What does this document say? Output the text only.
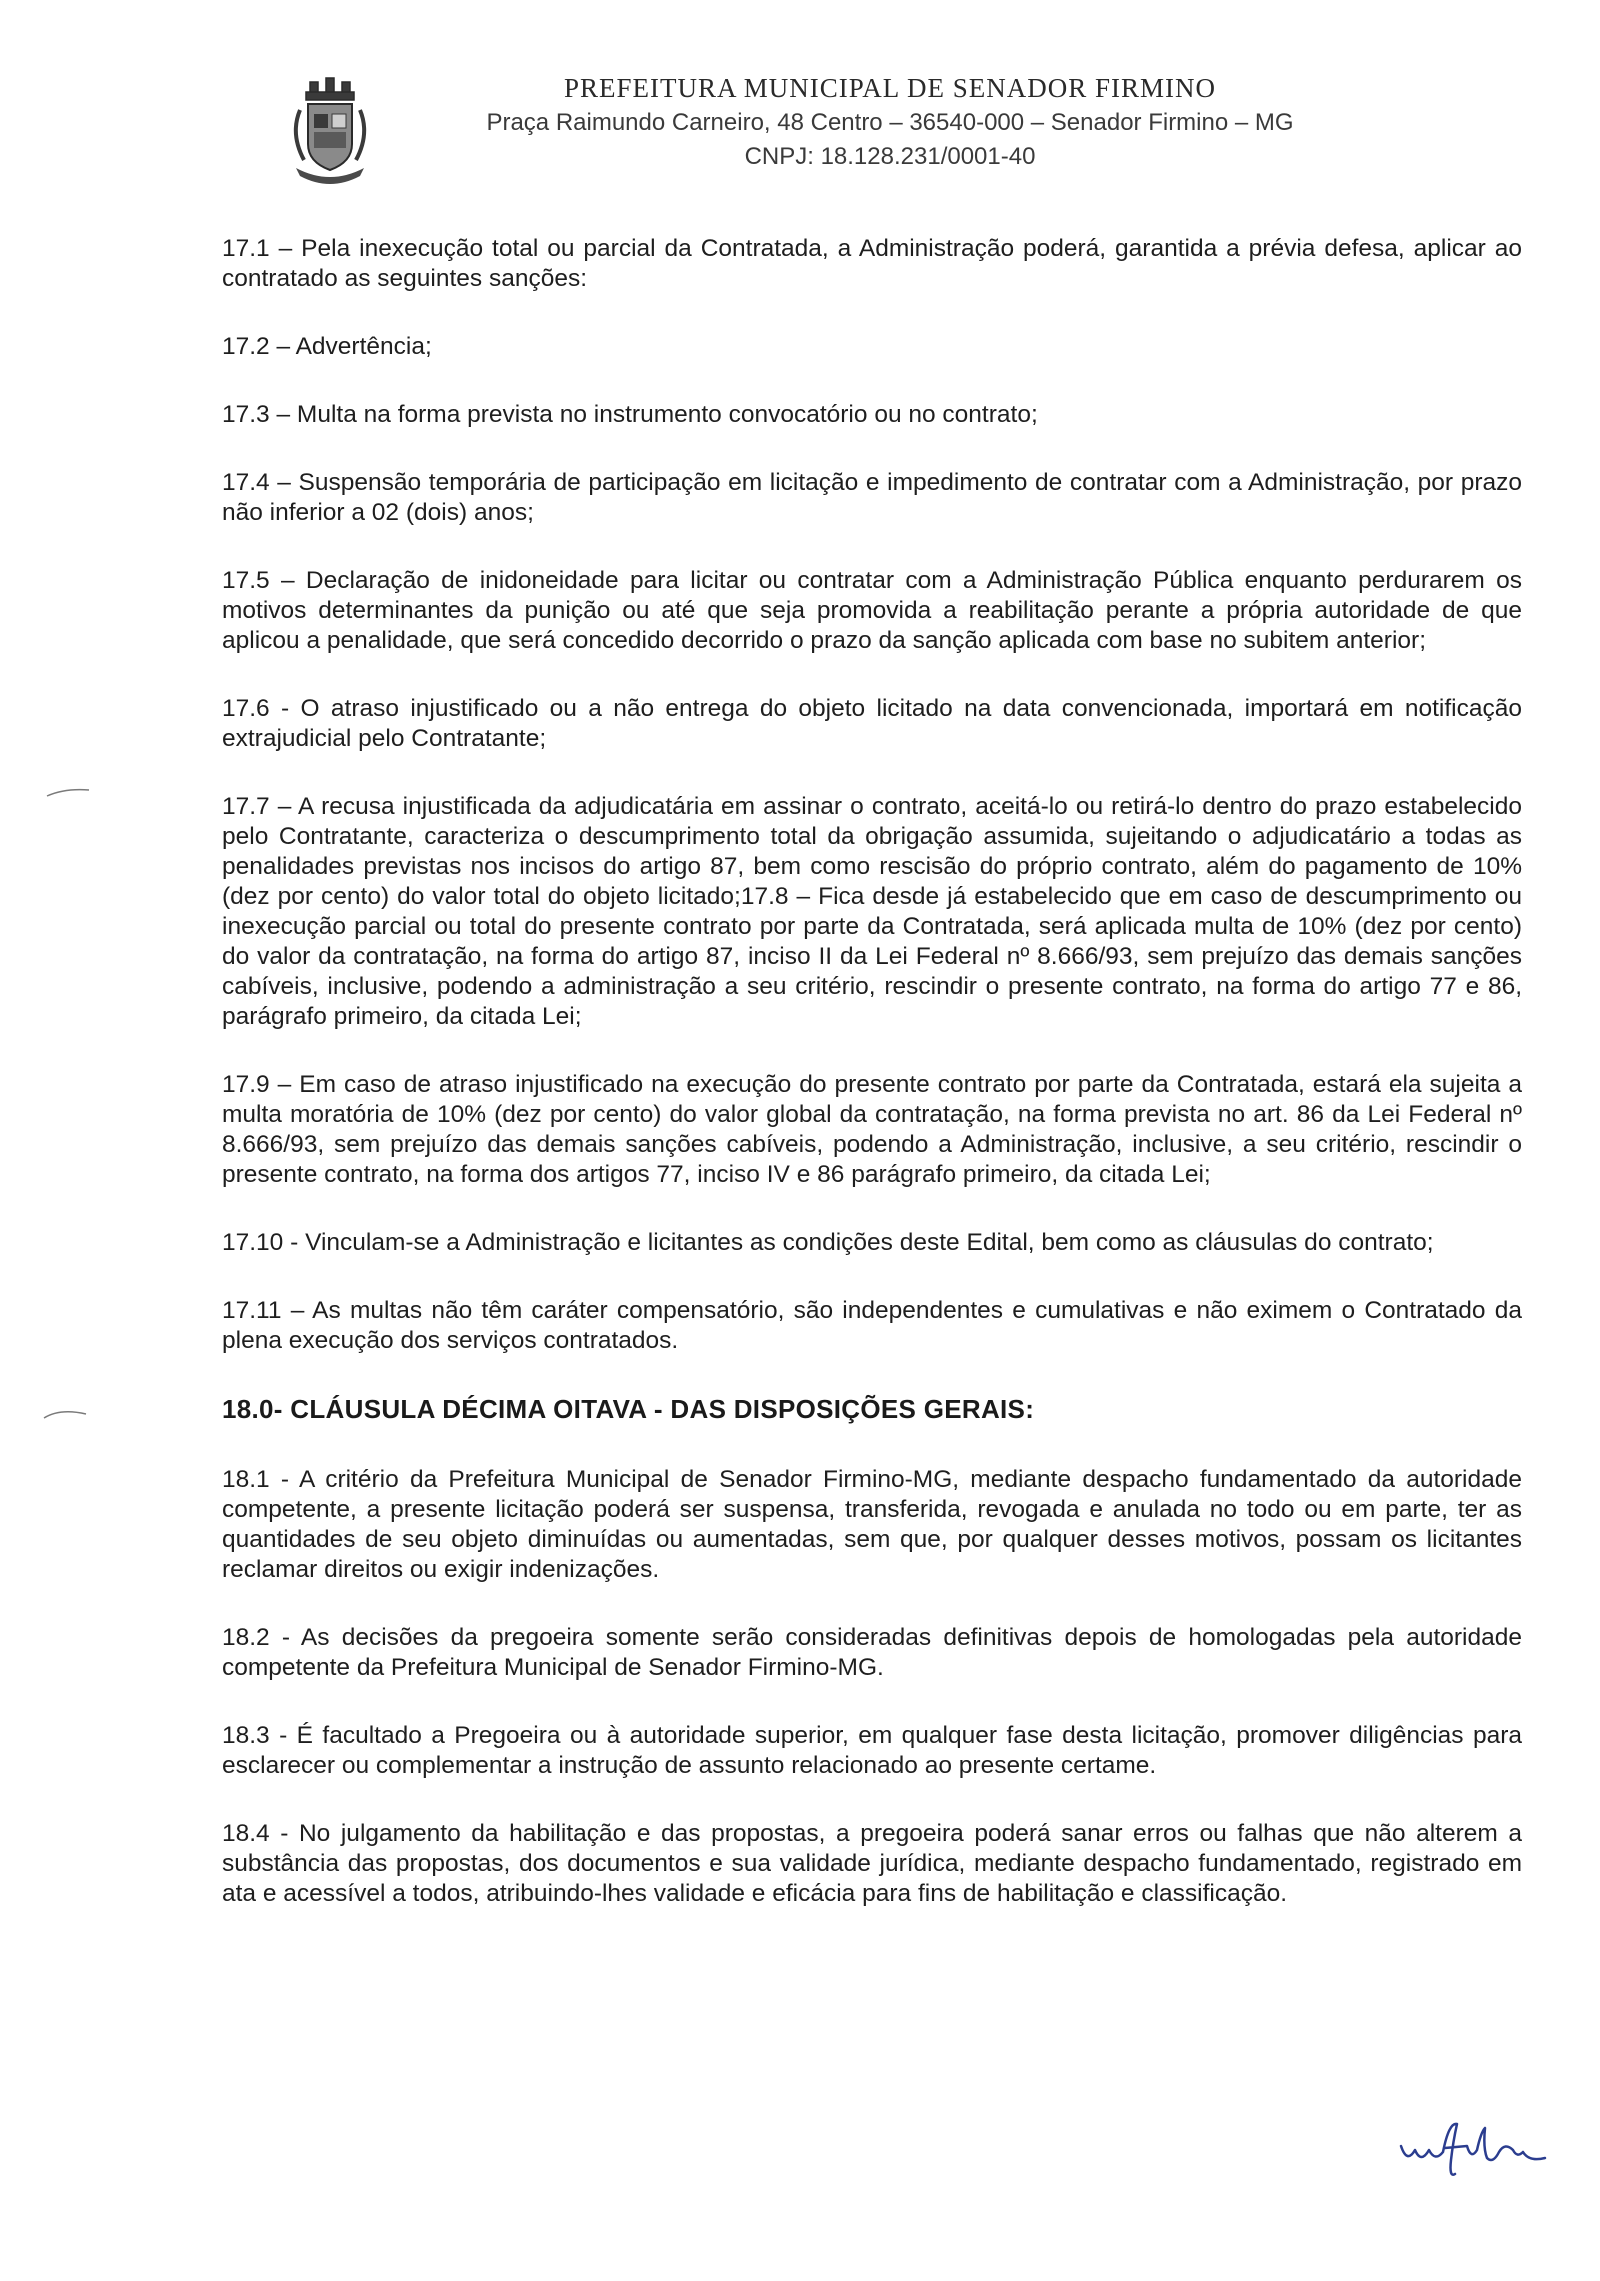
PREFEITURA MUNICIPAL DE SENADOR FIRMINO
Praça Raimundo Carneiro, 48 Centro – 36540-000 – Senador Firmino – MG
CNPJ: 18.128.231/0001-40

17.1 – Pela inexecução total ou parcial da Contratada, a Administração poderá, garantida a prévia defesa, aplicar ao contratado as seguintes sanções:

17.2 – Advertência;

17.3 – Multa na forma prevista no instrumento convocatório ou no contrato;

17.4 – Suspensão temporária de participação em licitação e impedimento de contratar com a Administração, por prazo não inferior a 02 (dois) anos;

17.5 – Declaração de inidoneidade para licitar ou contratar com a Administração Pública enquanto perdurarem os motivos determinantes da punição ou até que seja promovida a reabilitação perante a própria autoridade de que aplicou a penalidade, que será concedido decorrido o prazo da sanção aplicada com base no subitem anterior;

17.6 - O atraso injustificado ou a não entrega do objeto licitado na data convencionada, importará em notificação extrajudicial pelo Contratante;

17.7 – A recusa injustificada da adjudicatária em assinar o contrato, aceitá-lo ou retirá-lo dentro do prazo estabelecido pelo Contratante, caracteriza o descumprimento total da obrigação assumida, sujeitando o adjudicatário a todas as penalidades previstas nos incisos do artigo 87, bem como rescisão do próprio contrato, além do pagamento de 10% (dez por cento) do valor total do objeto licitado;17.8 – Fica desde já estabelecido que em caso de descumprimento ou inexecução parcial ou total do presente contrato por parte da Contratada, será aplicada multa de 10% (dez por cento) do valor da contratação, na forma do artigo 87, inciso II da Lei Federal nº 8.666/93, sem prejuízo das demais sanções cabíveis, inclusive, podendo a administração a seu critério, rescindir o presente contrato, na forma do artigo 77 e 86, parágrafo primeiro, da citada Lei;

17.9 – Em caso de atraso injustificado na execução do presente contrato por parte da Contratada, estará ela sujeita a multa moratória de 10% (dez por cento) do valor global da contratação, na forma prevista no art. 86 da Lei Federal nº 8.666/93, sem prejuízo das demais sanções cabíveis, podendo a Administração, inclusive, a seu critério, rescindir o presente contrato, na forma dos artigos 77, inciso IV e 86 parágrafo primeiro, da citada Lei;

17.10 - Vinculam-se a Administração e licitantes as condições deste Edital, bem como as cláusulas do contrato;

17.11 – As multas não têm caráter compensatório, são independentes e cumulativas e não eximem o Contratado da plena execução dos serviços contratados.

18.0- CLÁUSULA DÉCIMA OITAVA - DAS DISPOSIÇÕES GERAIS:

18.1 - A critério da Prefeitura Municipal de Senador Firmino-MG, mediante despacho fundamentado da autoridade competente, a presente licitação poderá ser suspensa, transferida, revogada e anulada no todo ou em parte, ter as quantidades de seu objeto diminuídas ou aumentadas, sem que, por qualquer desses motivos, possam os licitantes reclamar direitos ou exigir indenizações.

18.2 - As decisões da pregoeira somente serão consideradas definitivas depois de homologadas pela autoridade competente da Prefeitura Municipal de Senador Firmino-MG.

18.3 - É facultado a Pregoeira ou à autoridade superior, em qualquer fase desta licitação, promover diligências para esclarecer ou complementar a instrução de assunto relacionado ao presente certame.

18.4 - No julgamento da habilitação e das propostas, a pregoeira poderá sanar erros ou falhas que não alterem a substância das propostas, dos documentos e sua validade jurídica, mediante despacho fundamentado, registrado em ata e acessível a todos, atribuindo-lhes validade e eficácia para fins de habilitação e classificação.
